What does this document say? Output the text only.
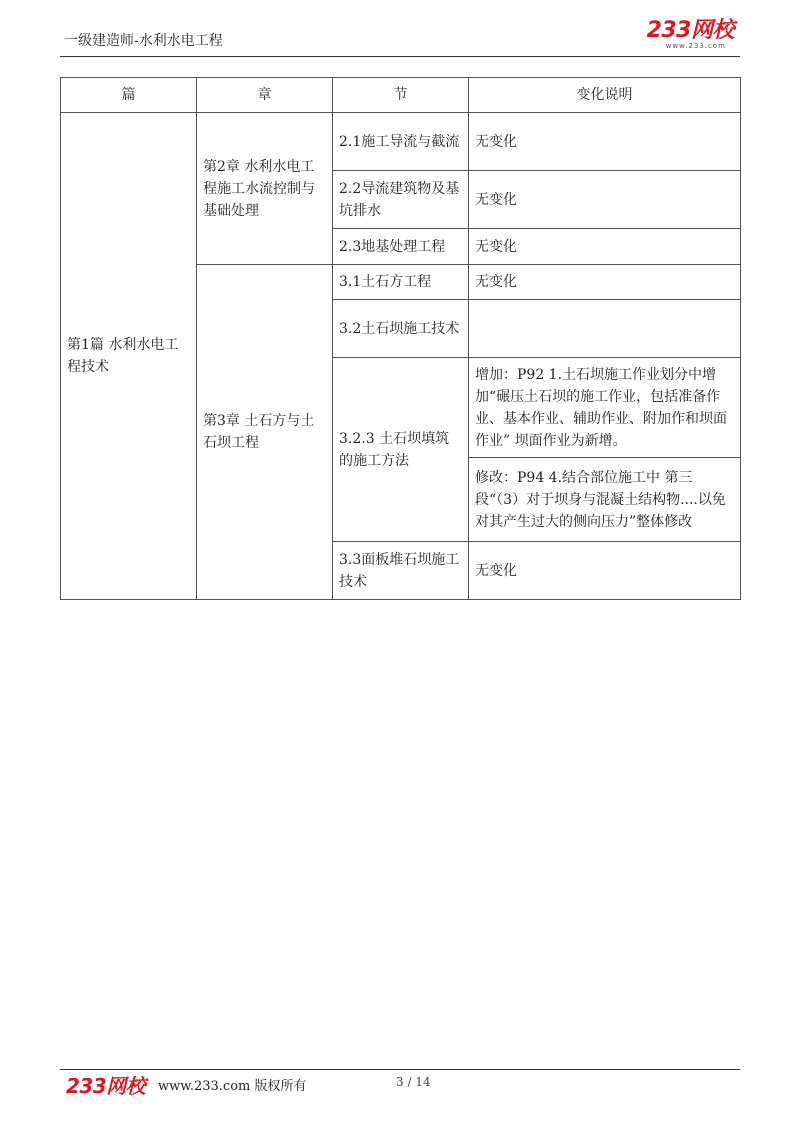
一级建造师-水利水电工程	233网校
www.233.com
篇	章	节	变化说明
第1篇 水利水电工程技术	第2章 水利水电工程施工水流控制与基础处理	2.1施工导流与截流	无变化
		2.2导流建筑物及基坑排水	无变化
		2.3地基处理工程	无变化
	第3章 土石方与土石坝工程	3.1土石方工程	无变化
		3.2土石坝施工技术	
		3.2.3 土石坝填筑的施工方法	增加：P92 1.土石坝施工作业划分中增加“碾压土石坝的施工作业，包括准备作业、基本作业、辅助作业、附加作和坝面作业” 坝面作业为新增。
			修改：P94 4.结合部位施工中 第三段“（3）对于坝身与混凝土结构物....以免对其产生过大的侧向压力”整体修改
		3.3面板堆石坝施工技术	无变化
233网校 www.233.com 版权所有	3 / 14
